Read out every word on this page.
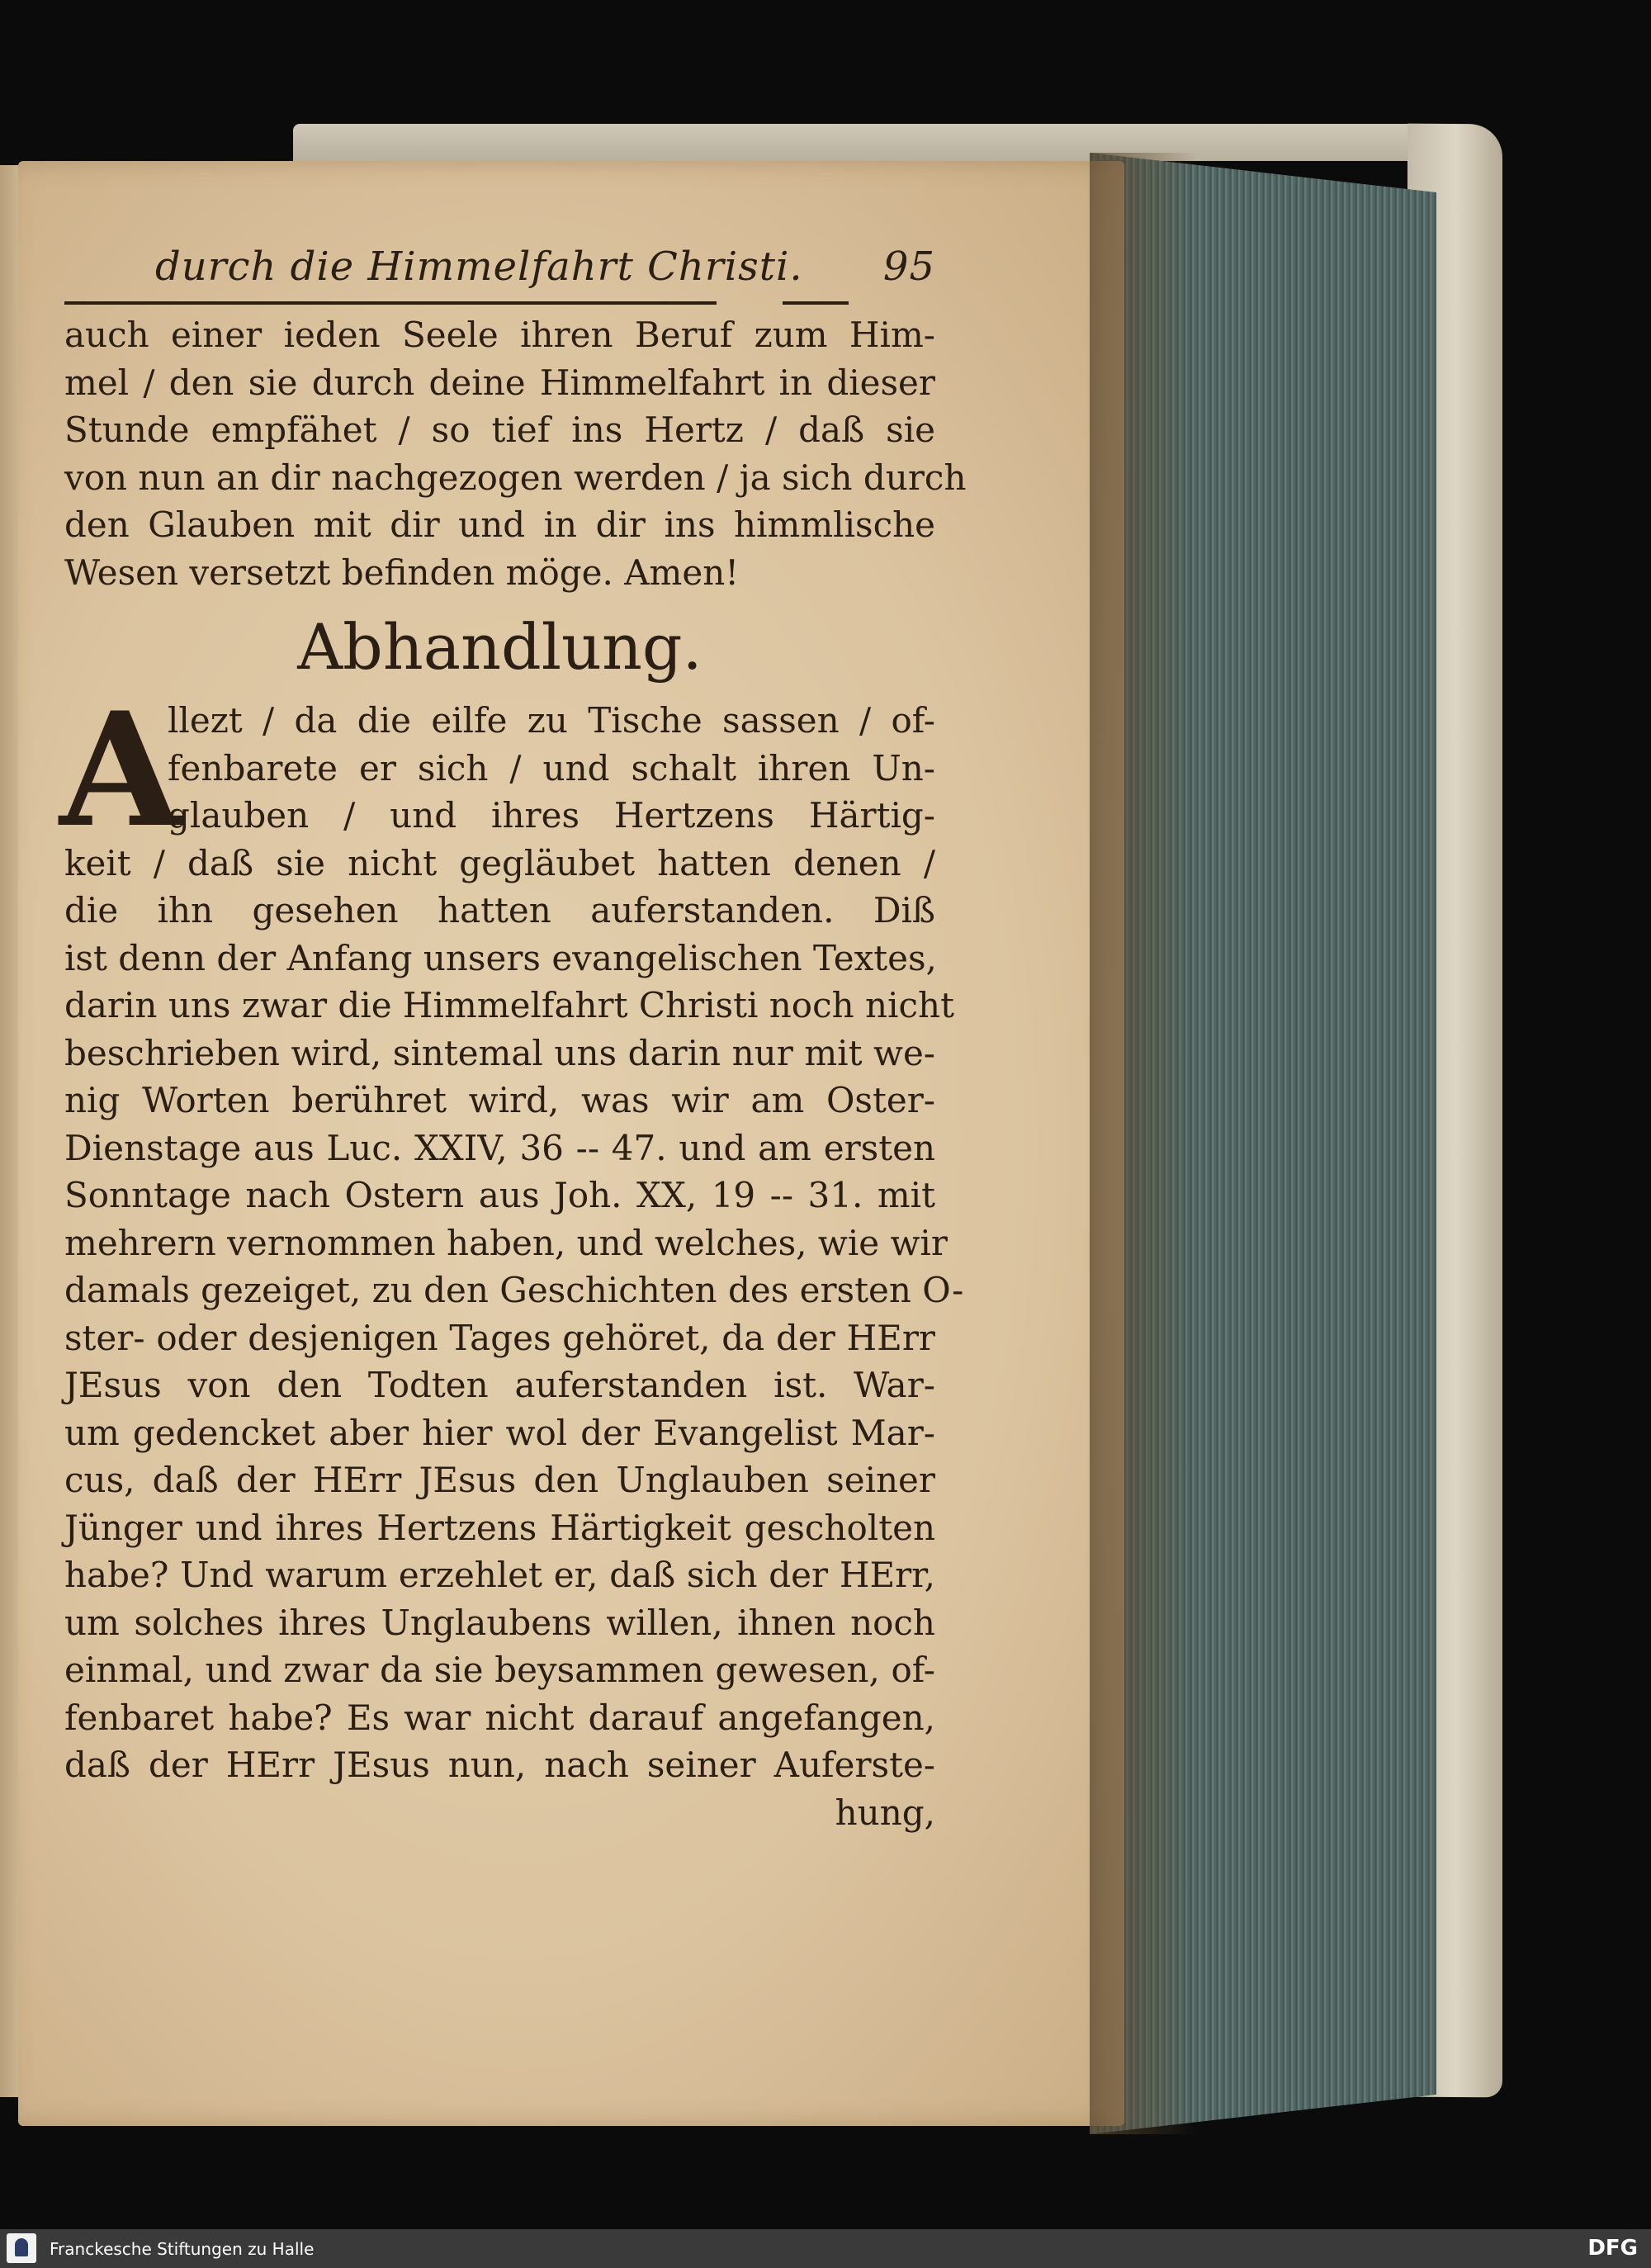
durch die Himmelfahrt Christi. 95
auch einer ieden Seele ihren Beruf zum Him-
mel / den sie durch deine Himmelfahrt in dieser
Stunde empfähet / so tief ins Hertz / daß sie
von nun an dir nachgezogen werden / ja sich durch
den Glauben mit dir und in dir ins himmlische
Wesen versetzt befinden möge. Amen!
Abhandlung.
A
llezt / da die eilfe zu Tische sassen / of-
fenbarete er sich / und schalt ihren Un-
glauben / und ihres Hertzens Härtig-
keit / daß sie nicht gegläubet hatten denen /
die ihn gesehen hatten auferstanden. Diß
ist denn der Anfang unsers evangelischen Textes,
darin uns zwar die Himmelfahrt Christi noch nicht
beschrieben wird, sintemal uns darin nur mit we-
nig Worten berühret wird, was wir am Oster-
Dienstage aus Luc. XXIV, 36 -- 47. und am ersten
Sonntage nach Ostern aus Joh. XX, 19 -- 31. mit
mehrern vernommen haben, und welches, wie wir
damals gezeiget, zu den Geschichten des ersten O-
ster- oder desjenigen Tages gehöret, da der HErr
JEsus von den Todten auferstanden ist. War-
um gedencket aber hier wol der Evangelist Mar-
cus, daß der HErr JEsus den Unglauben seiner
Jünger und ihres Hertzens Härtigkeit gescholten
habe? Und warum erzehlet er, daß sich der HErr,
um solches ihres Unglaubens willen, ihnen noch
einmal, und zwar da sie beysammen gewesen, of-
fenbaret habe? Es war nicht darauf angefangen,
daß der HErr JEsus nun, nach seiner Auferste-
hung,
Franckesche Stiftungen zu Halle	DFG
